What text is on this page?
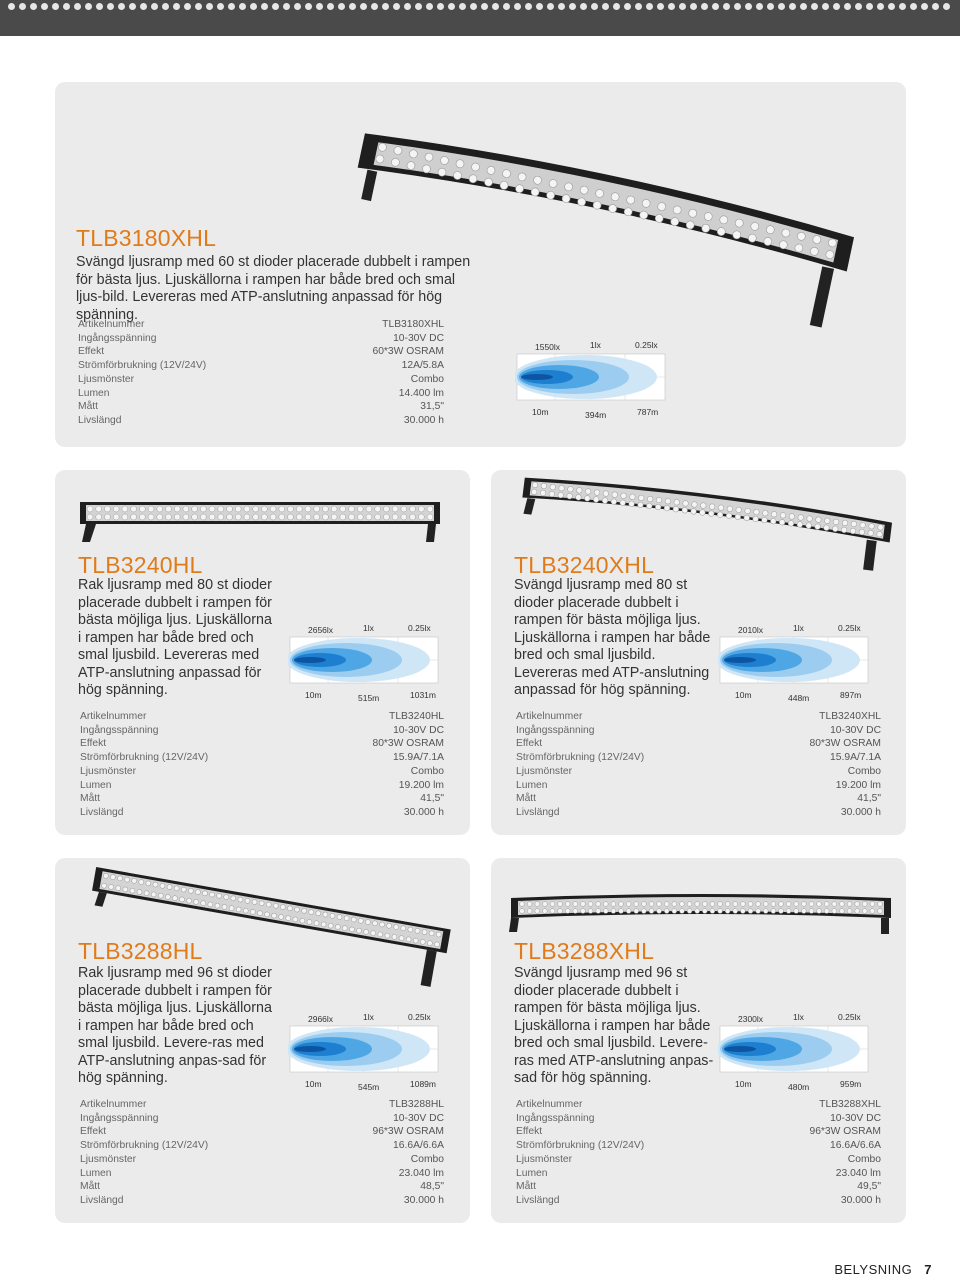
TLB3180XHL
Svängd ljusramp med 60 st dioder placerade dubbelt i rampen för bästa ljus. Ljuskällorna i rampen har både bred och smal ljus-bild. Levereras med ATP-anslutning anpassad för hög spänning.
Artikelnummer	TLB3180XHL
Ingångsspänning	10-30V DC
Effekt	60*3W OSRAM
Strömförbrukning (12V/24V)	12A/5.8A
Ljusmönster	Combo
Lumen	14.400 lm
Mått	31,5"
Livslängd	30.000 h
1550lx	1lx	0.25lx
10m	394m	787m
TLB3240HL
Rak ljusramp med 80 st dioder placerade dubbelt i rampen för bästa möjliga ljus. Ljuskällorna i rampen har både bred och smal ljusbild. Levereras med ATP-anslutning anpassad för hög spänning.
Artikelnummer	TLB3240HL
Ingångsspänning	10-30V DC
Effekt	80*3W OSRAM
Strömförbrukning (12V/24V)	15.9A/7.1A
Ljusmönster	Combo
Lumen	19.200 lm
Mått	41,5"
Livslängd	30.000 h
2656lx	1lx	0.25lx
10m	515m	1031m
TLB3240XHL
Svängd ljusramp med 80 st dioder placerade dubbelt i rampen för bästa möjliga ljus. Ljuskällorna i rampen har både bred och smal ljusbild. Levereras med ATP-anslutning anpassad för hög spänning.
Artikelnummer	TLB3240XHL
Ingångsspänning	10-30V DC
Effekt	80*3W OSRAM
Strömförbrukning (12V/24V)	15.9A/7.1A
Ljusmönster	Combo
Lumen	19.200 lm
Mått	41,5"
Livslängd	30.000 h
2010lx	1lx	0.25lx
10m	448m	897m
TLB3288HL
Rak ljusramp med 96 st dioder placerade dubbelt i rampen för bästa möjliga ljus. Ljuskällorna i rampen har både bred och smal ljusbild. Levere-ras med ATP-anslutning anpas-sad för hög spänning.
Artikelnummer	TLB3288HL
Ingångsspänning	10-30V DC
Effekt	96*3W OSRAM
Strömförbrukning (12V/24V)	16.6A/6.6A
Ljusmönster	Combo
Lumen	23.040 lm
Mått	48,5"
Livslängd	30.000 h
2966lx	1lx	0.25lx
10m	545m	1089m
TLB3288XHL
Svängd ljusramp med 96 st dioder placerade dubbelt i rampen för bästa möjliga ljus. Ljuskällorna i rampen har både bred och smal ljusbild. Levere-ras med ATP-anslutning anpas-sad för hög spänning.
Artikelnummer	TLB3288XHL
Ingångsspänning	10-30V DC
Effekt	96*3W OSRAM
Strömförbrukning (12V/24V)	16.6A/6.6A
Ljusmönster	Combo
Lumen	23.040 lm
Mått	49,5"
Livslängd	30.000 h
2300lx	1lx	0.25lx
10m	480m	959m
BELYSNING 7
